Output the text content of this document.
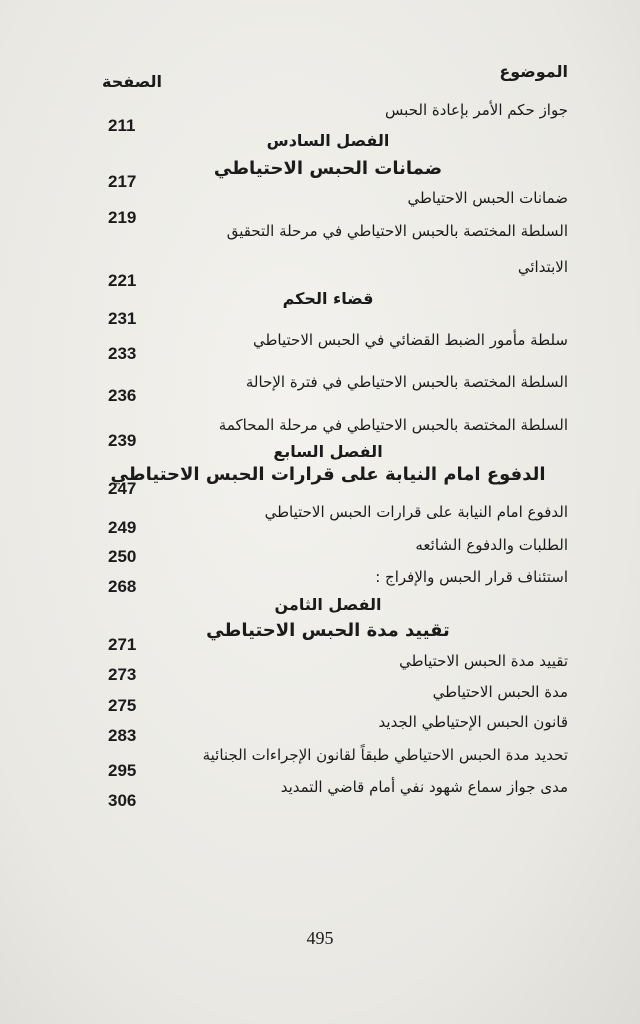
الموضوع
الصفحة
جواز حكم الأمر بإعادة الحبس
211
الفصل السادس
ضمانات الحبس الاحتياطي
217
ضمانات الحبس الاحتياطي
219
السلطة المختصة بالحبس الاحتياطي في مرحلة التحقيق
الابتدائي
221
قضاء الحكم
231
سلطة مأمور الضبط القضائي في الحبس الاحتياطي
233
السلطة المختصة بالحبس الاحتياطي في فترة الإحالة
236
السلطة المختصة بالحبس الاحتياطي في مرحلة المحاكمة
239
الفصل السابع
الدفوع امام النيابة على قرارات الحبس الاحتياطي
247
الدفوع امام النيابة على قرارات الحبس الاحتياطي
249
الطلبات والدفوع الشائعه
250
استئناف قرار الحبس والإفراج :
268
الفصل الثامن
تقييد مدة الحبس الاحتياطي
271
تقييد مدة الحبس الاحتياطي
273
مدة الحبس الاحتياطي
275
قانون الحبس الإحتياطي الجديد
283
تحديد مدة الحبس الاحتياطي طبقاً لقانون الإجراءات الجنائية
295
مدى جواز سماع شهود نفي أمام قاضي التمديد
306
495
